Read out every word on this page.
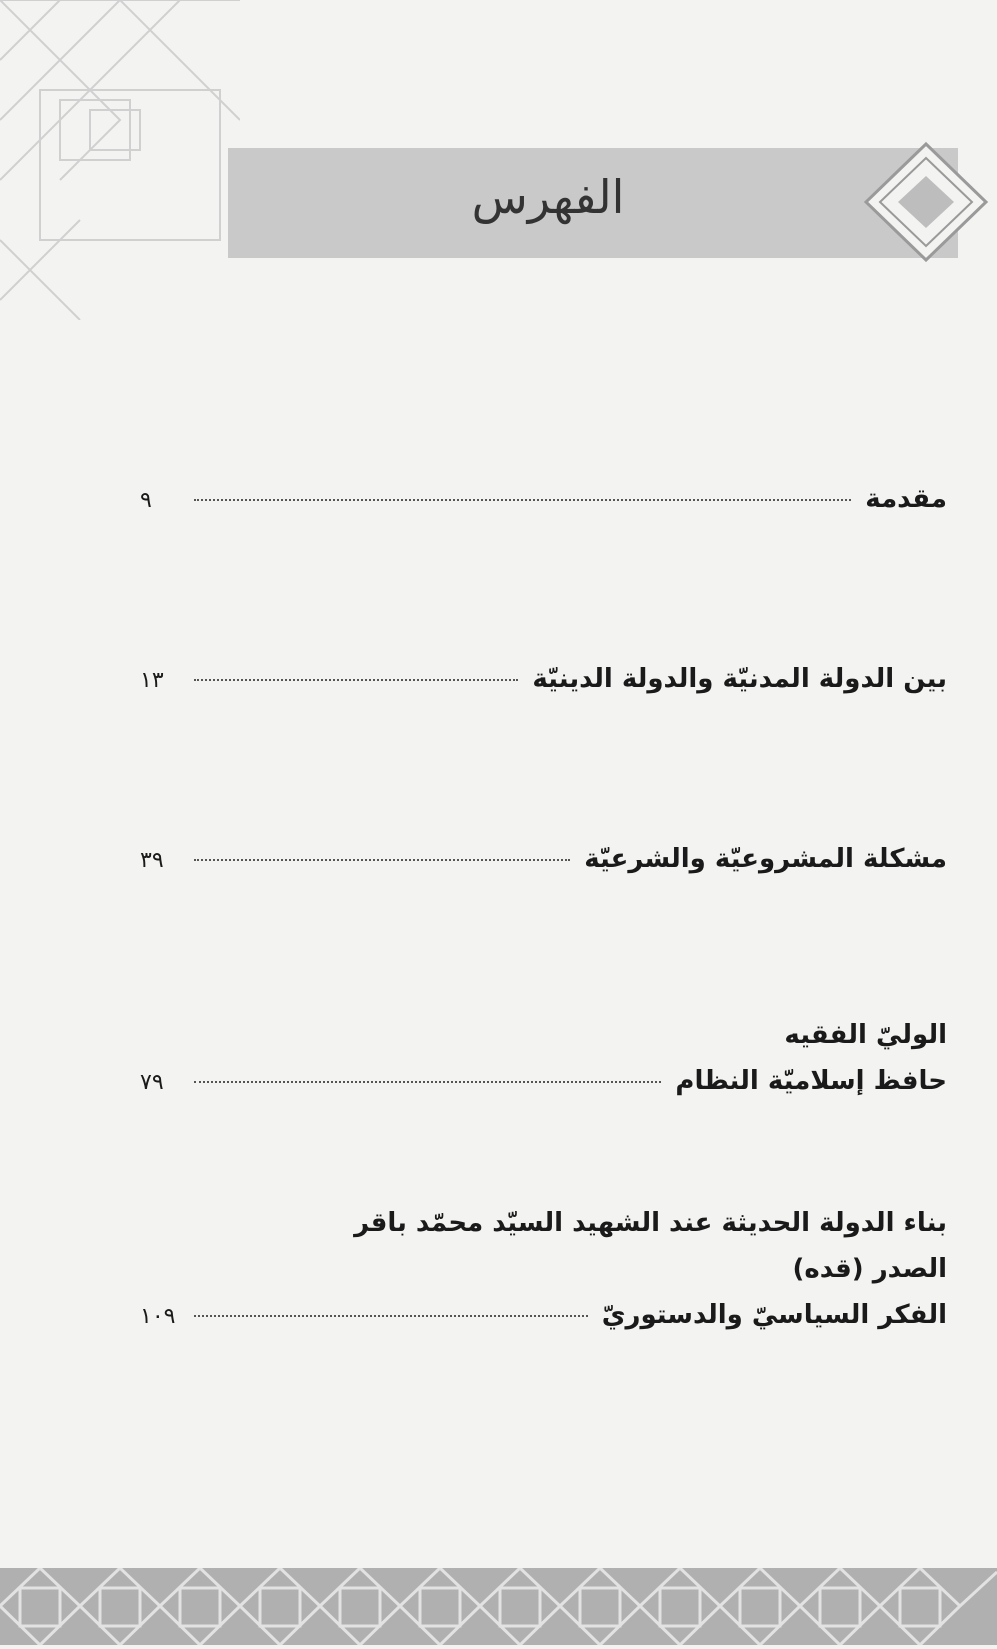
الفهرس
مقدمة
٩
بين الدولة المدنيّة والدولة الدينيّة
١٣
مشكلة المشروعيّة والشرعيّة
٣٩
الوليّ الفقيه
حافظ إسلاميّة النظام
٧٩
بناء الدولة الحديثة عند الشهيد السيّد محمّد باقر
الصدر (قده)
الفكر السياسيّ والدستوريّ
١٠٩
